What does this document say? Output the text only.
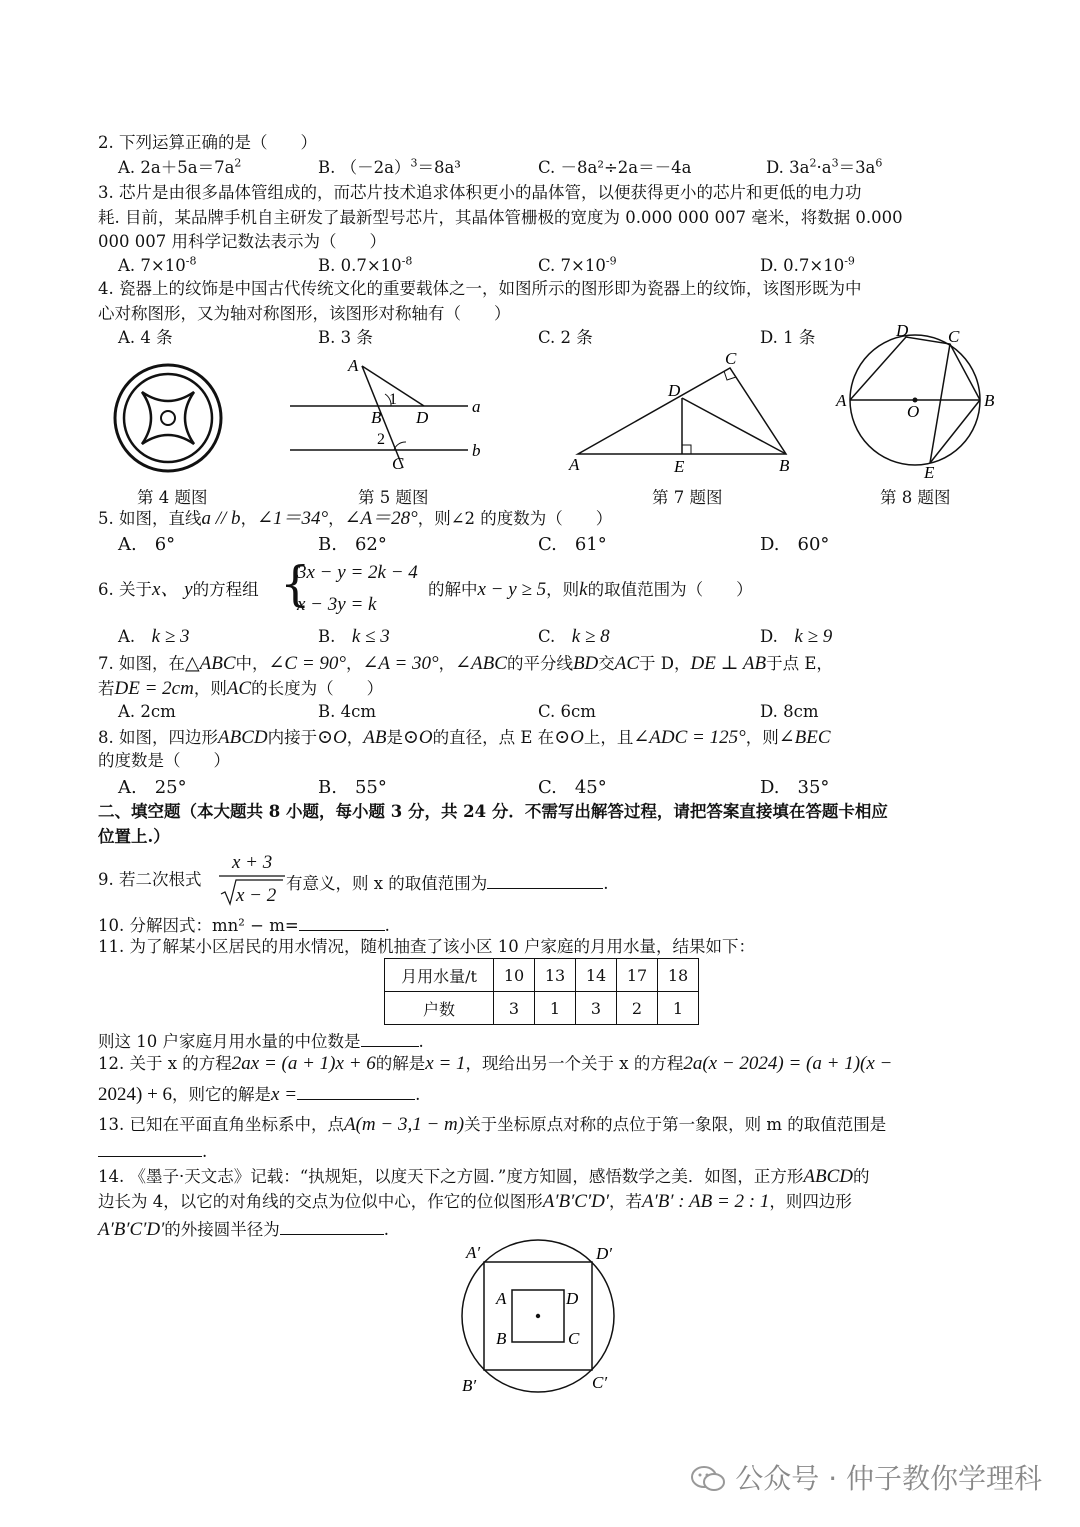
2. 下列运算正确的是（　　）
A. $2a+5a=7a^2$	B. $(-2a)^3=8a^3$	C. －8a²÷2a＝－4a	D. $3a^2\cdot a^3=3a^6$
3. 芯片是由很多晶体管组成的，而芯片技术追求体积更小的晶体管，以便获得更小的芯片和更低的电力功
耗. 目前，某品牌手机自主研发了最新型号芯片，其晶体管栅极的宽度为 0.000 000 007 毫米，将数据 0.000
000 007 用科学记数法表示为（　　）
A. $7\times 10^{-8}$	B. $0.7\times 10^{-8}$	C. $7\times 10^{-9}$	D. $0.7\times 10^{-9}$
4. 瓷器上的纹饰是中国古代传统文化的重要载体之一，如图所示的图形即为瓷器上的纹饰，该图形既为中
心对称图形，又为轴对称图形，该图形对称轴有（　　）
A. 4 条	B. 3 条	C. 2 条	D. 1 条
第 4 题图
A
B D
C
a
b
1
2
第 5 题图
A	B
C
D
E
第 7 题图
A	B
C
D
E
O
第 8 题图
5. 如图，直线a // b，∠1＝34°，∠A＝28°，则∠2 的度数为（　　）
A.　6°	B.　62°	C.　61°	D.　60°
6. 关于x、 y的方程组 {
3x − y = 2k − 4
x − 3y = k
的解中x − y ≥ 5，则k的取值范围为（　　）
A.　 k ≥ 3	B.　 k ≤ 3	C.　 k ≥ 8	D.　 k ≥ 9
7. 如图，在△ABC中，∠C = 90°，∠A = 30°，∠ABC的平分线BD交AC于 D，DE ⊥ AB于点 E，
若DE = 2cm，则AC的长度为（　　）
A. 2cm	B. 4cm	C. 6cm	D. 8cm
8. 如图，四边形ABCD内接于⊙O，AB是⊙O的直径，点 E 在⊙O上，且∠ADC = 125°，则∠BEC
的度数是（　　）
A.　25°	B.　55°	C.　45°	D.　35°
二、填空题（本大题共 8 小题，每小题 3 分，共 24 分．不需写出解答过程，请把答案直接填在答题卡相应
位置上.）
9. 若二次根式
x + 3
x − 2
有意义，则 x 的取值范围为	.
10. 分解因式：mn² − m=	.
11. 为了解某小区居民的用水情况，随机抽查了该小区 10 户家庭的月用水量，结果如下：
月用水量/t	10	13	14	17	18
户数	3	1	3	2	1
则这 10 户家庭月用水量的中位数是	.
12. 关于 x 的方程2ax = (a + 1)x + 6的解是x = 1，现给出另一个关于 x 的方程2a(x − 2024) = (a + 1)(x −
2024) + 6，则它的解是x =	.
13. 已知在平面直角坐标系中，点A(m − 3,1 − m)关于坐标原点对称的点位于第一象限，则 m 的取值范围是
.
14. 《墨子·天文志》记载：“执规矩，以度天下之方圆．”度方知圆，感悟数学之美．如图，正方形ABCD的
边长为 4，以它的对角线的交点为位似中心，作它的位似图形A′B′C′D′，若A′B′ : AB = 2 : 1，则四边形
A′B′C′D′的外接圆半径为	.
A′	D′
B′	C′
A	D
B	C
公众号 · 仲子教你学理科
